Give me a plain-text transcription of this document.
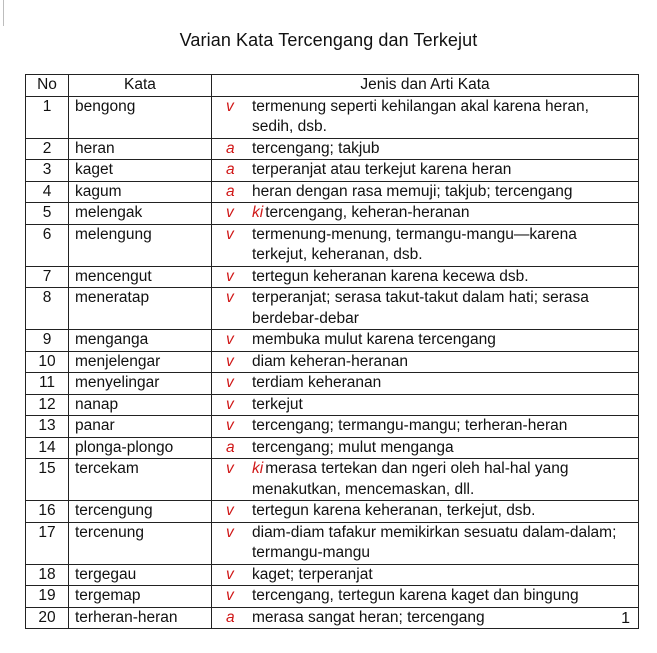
Varian Kata Tercengang dan Terkejut
No	Kata	Jenis dan Arti Kata
1	bengong	v termenung seperti kehilangan akal karena heran, sedih, dsb.

2	heran	a tercengang; takjub

3	kaget	a terperanjat atau terkejut karena heran

4	kagum	a heran dengan rasa memuji; takjub; tercengang

5	melengak	v ki tercengang, keheran-heranan

6	melengung	v termenung-menung, termangu-mangu—karena terkejut, keheranan, dsb.

7	mencengut	v tertegun keheranan karena kecewa dsb.

8	meneratap	v terperanjat; serasa takut-takut dalam hati; serasa berdebar-debar

9	menganga	v membuka mulut karena tercengang

10	menjelengar	v diam keheran-heranan

11	menyelingar	v terdiam keheranan

12	nanap	v terkejut

13	panar	v tercengang; termangu-mangu; terheran-heran

14	plonga-plongo	a tercengang; mulut menganga

15	tercekam	v ki merasa tertekan dan ngeri oleh hal-hal yang menakutkan, mencemaskan, dll.

16	tercengung	v tertegun karena keheranan, terkejut, dsb.

17	tercenung	v diam-diam tafakur memikirkan sesuatu dalam-dalam; termangu-mangu

18	tergegau	v kaget; terperanjat

19	tergemap	v tercengang, tertegun karena kaget dan bingung

20	terheran-heran	a merasa sangat heran; tercengang	1
